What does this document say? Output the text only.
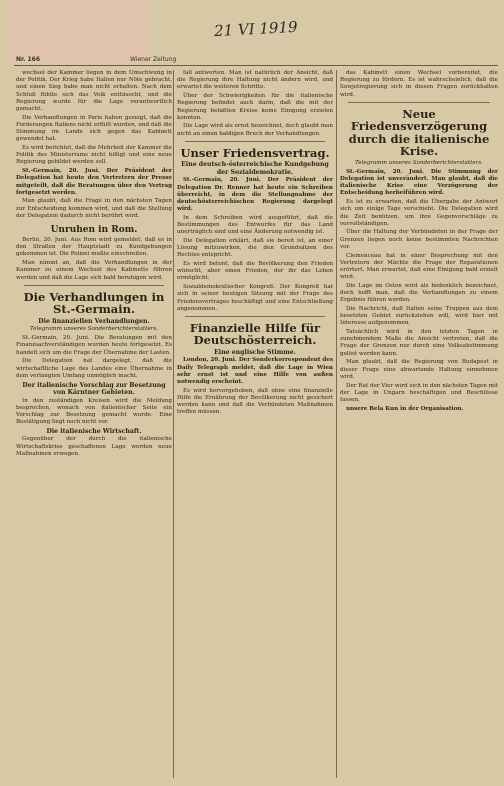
21 VI 1919
Nr. 166	Wiener Zeitung

wechsel der Kammer liegen in dem Umschwung in der Politik. Der Krieg habe Italien nur Nöte gebracht, und einen Sieg habe man nicht erhalten. Nach dem Schluß fühlte sich das Volk enttäuscht, und die Regierung wurde für die Lage verantwortlich gemacht.

Die Verhandlungen in Paris haben gezeigt, daß die Forderungen Italiens nicht erfüllt wurden, und daß die Stimmung im Lande sich gegen das Kabinett gewendet hat.

Es wird berichtet, daß die Mehrheit der Kammer die Politik des Ministeriums nicht billigt und eine neue Regierung gebildet werden soll.

St.-Germain, 20. Juni. Der Präsident der Delegation hat heute den Vertretern der Presse mitgeteilt, daß die Beratungen über den Vertrag fortgesetzt werden.

Man glaubt, daß die Frage in den nächsten Tagen zur Entscheidung kommen wird, und daß die Stellung der Delegation dadurch nicht berührt wird.

Unruhen in Rom.

Berlin, 20. Juni. Aus Rom wird gemeldet, daß es in den Straßen der Hauptstadt zu Kundgebungen gekommen ist. Die Polizei mußte einschreiten.

Man nimmt an, daß die Verhandlungen in der Kammer zu einem Wechsel des Kabinetts führen werden und daß die Lage sich bald beruhigen wird.

Die Verhandlungen in St.-Germain.
Die finanziellen Verhandlungen.
Telegramm unseres Sonderberichterstatters.

St.-Germain, 20. Juni. Die Beratungen mit den Finanzsachverständigen wurden heute fortgesetzt. Es handelt sich um die Frage der Übernahme der Lasten.

Die Delegation hat dargelegt, daß die wirtschaftliche Lage des Landes eine Übernahme in dem verlangten Umfang unmöglich macht.

Der italienische Vorschlag zur Besetzung von Kärntner Gebieten.

In den zuständigen Kreisen wird die Meldung besprochen, wonach von italienischer Seite ein Vorschlag zur Besetzung gemacht wurde. Eine Bestätigung liegt noch nicht vor.

Die italienische Wirtschaft.

Gegenüber der durch die italienische Wirtschaftskrise geschaffenen Lage werden neue Maßnahmen erwogen.

fall antworten. Man ist natürlich der Ansicht, daß die Regierung ihre Haltung nicht ändern wird, und erwartet die weiteren Schritte.

Über der Schwierigkeiten für die italienische Regierung befindet auch darin, daß die mit der Regierung befaßten Kreise keine Einigung erzielen konnten.

Die Lage wird als ernst bezeichnet, doch glaubt man nicht an einen baldigen Bruch der Verhandlungen.

Unser Friedensvertrag.
Eine deutsch-österreichische Kundgebung der Sozialdemokratie.

St.-Germain, 20. Juni. Der Präsident der Delegation Dr. Renner hat heute ein Schreiben überreicht, in dem die Stellungnahme der deutschösterreichischen Regierung dargelegt wird.

In dem Schreiben wird ausgeführt, daß die Bestimmungen des Entwurfes für das Land unerträglich sind und eine Änderung notwendig ist.

Die Delegation erklärt, daß sie bereit ist, an einer Lösung mitzuwirken, die den Grundsätzen des Rechtes entspricht.

Es wird betont, daß die Bevölkerung den Frieden wünscht, aber einen Frieden, der ihr das Leben ermöglicht.

Sozialdemokratischer Kongreß. Der Kongreß hat sich in seiner heutigen Sitzung mit der Frage des Friedensvertrages beschäftigt und eine Entschließung angenommen.

Finanzielle Hilfe für Deutschösterreich.
Eine englische Stimme.

London, 20. Juni. Der Sonderkorrespondent des Daily Telegraph meldet, daß die Lage in Wien sehr ernst ist und eine Hilfe von außen notwendig erscheint.

Es wird hervorgehoben, daß ohne eine finanzielle Hilfe die Ernährung der Bevölkerung nicht gesichert werden kann und daß die Verbündeten Maßnahmen treffen müssen.

das Kabinett einen Wechsel vorbereitet, die Regierung zu fördern. Es ist wahrscheinlich, daß die Sowjetregierung sich in diesen Fragen zurückhalten wird.

Neue Friedensverzögerung durch die italienische Krise.
Telegramm unseres Sonderberichterstatters.

St.-Germain, 20. Juni. Die Stimmung der Delegation ist unverändert. Man glaubt, daß die italienische Krise eine Verzögerung der Entscheidung herbeiführen wird.

Es ist zu erwarten, daß die Übergabe der Antwort sich um einige Tage verschiebt. Die Delegation wird die Zeit benützen, um ihre Gegenvorschläge zu vervollständigen.

Über die Haltung der Verbündeten in der Frage der Grenzen liegen noch keine bestimmten Nachrichten vor.

Clemenceau hat in einer Besprechung mit den Vertretern der Mächte die Frage der Reparationen erörtert. Man erwartet, daß eine Einigung bald erzielt wird.

Die Lage im Osten wird als bedenklich bezeichnet, doch hofft man, daß die Verhandlungen zu einem Ergebnis führen werden.

Die Nachricht, daß Italien seine Truppen aus dem besetzten Gebiet zurückziehen will, wird hier mit Interesse aufgenommen.

Tatsächlich wird in den letzten Tagen in zunehmendem Maße die Ansicht vertreten, daß die Frage der Grenzen nur durch eine Volksabstimmung gelöst werden kann.

Man glaubt, daß die Regierung von Budapest in dieser Frage eine abwartende Haltung einnehmen wird.

Der Rat der Vier wird sich in den nächsten Tagen mit der Lage in Ungarn beschäftigen und Beschlüsse fassen.

unsere Bela Kun in der Organisation.
